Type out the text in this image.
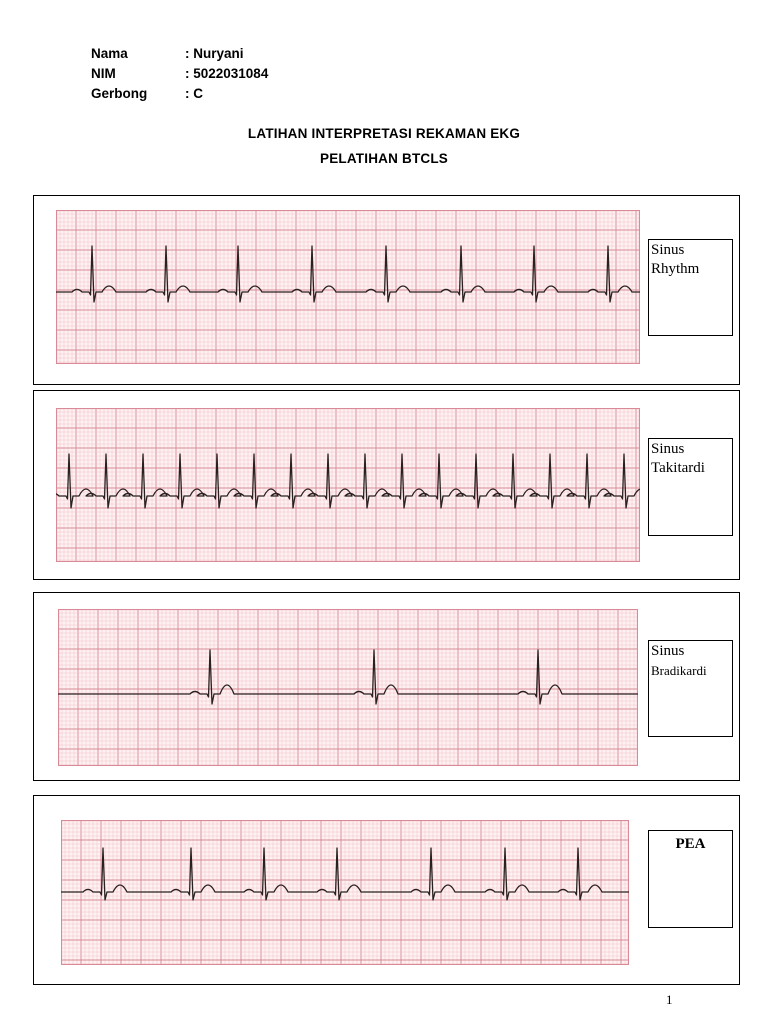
Nama	: Nuryani
NIM	: 5022031084
Gerbong	: C
LATIHAN INTERPRETASI REKAMAN EKG
PELATIHAN BTCLS
Sinus
Rhythm
Sinus
Takitardi
Sinus
Bradikardi
PEA
1
